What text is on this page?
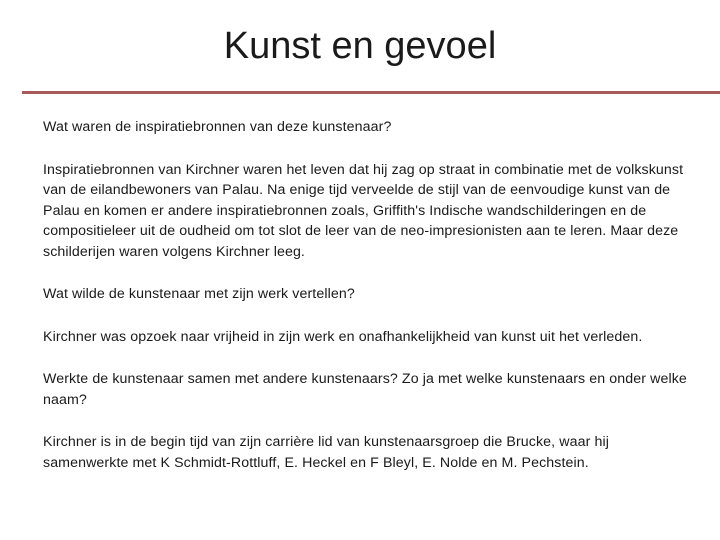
Kunst en gevoel

Wat waren de inspiratiebronnen van deze kunstenaar?

Inspiratiebronnen van Kirchner waren het leven dat hij zag op straat in combinatie met de volkskunst van de eilandbewoners van Palau. Na enige tijd verveelde de stijl van de eenvoudige kunst van de Palau en komen er andere inspiratiebronnen zoals, Griffith's Indische wandschilderingen en de compositieleer uit de oudheid om tot slot de leer van de neo-impresionisten aan te leren. Maar deze schilderijen waren volgens Kirchner leeg.

Wat wilde de kunstenaar met zijn werk vertellen?

Kirchner was opzoek naar vrijheid in zijn werk en onafhankelijkheid van kunst uit het verleden.

Werkte de kunstenaar samen met andere kunstenaars? Zo ja met welke kunstenaars en onder welke naam?

Kirchner is in de begin tijd van zijn carrière lid van kunstenaarsgroep die Brucke, waar hij samenwerkte met K Schmidt-Rottluff, E. Heckel en F Bleyl, E. Nolde en M. Pechstein.
